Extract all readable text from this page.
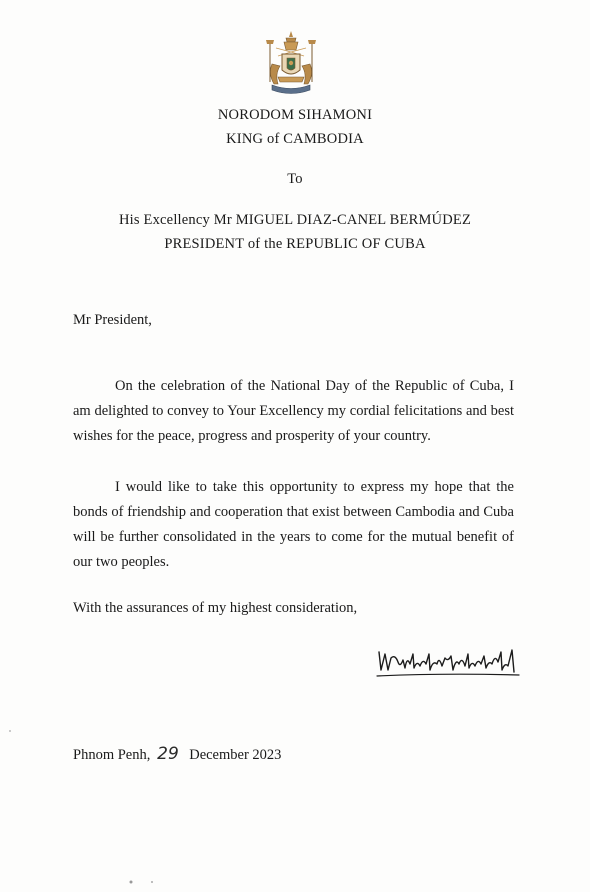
NORODOM SIHAMONI
KING of CAMBODIA
To
His Excellency Mr MIGUEL DIAZ-CANEL BERMÚDEZ
PRESIDENT of the REPUBLIC OF CUBA
Mr President,

On the celebration of the National Day of the Republic of Cuba, I am delighted to convey to Your Excellency my cordial felicitations and best wishes for the peace, progress and prosperity of your country.

I would like to take this opportunity to express my hope that the bonds of friendship and cooperation that exist between Cambodia and Cuba will be further consolidated in the years to come for the mutual benefit of our two peoples.

With the assurances of my highest consideration,
Phnom Penh, 29 December 2023
